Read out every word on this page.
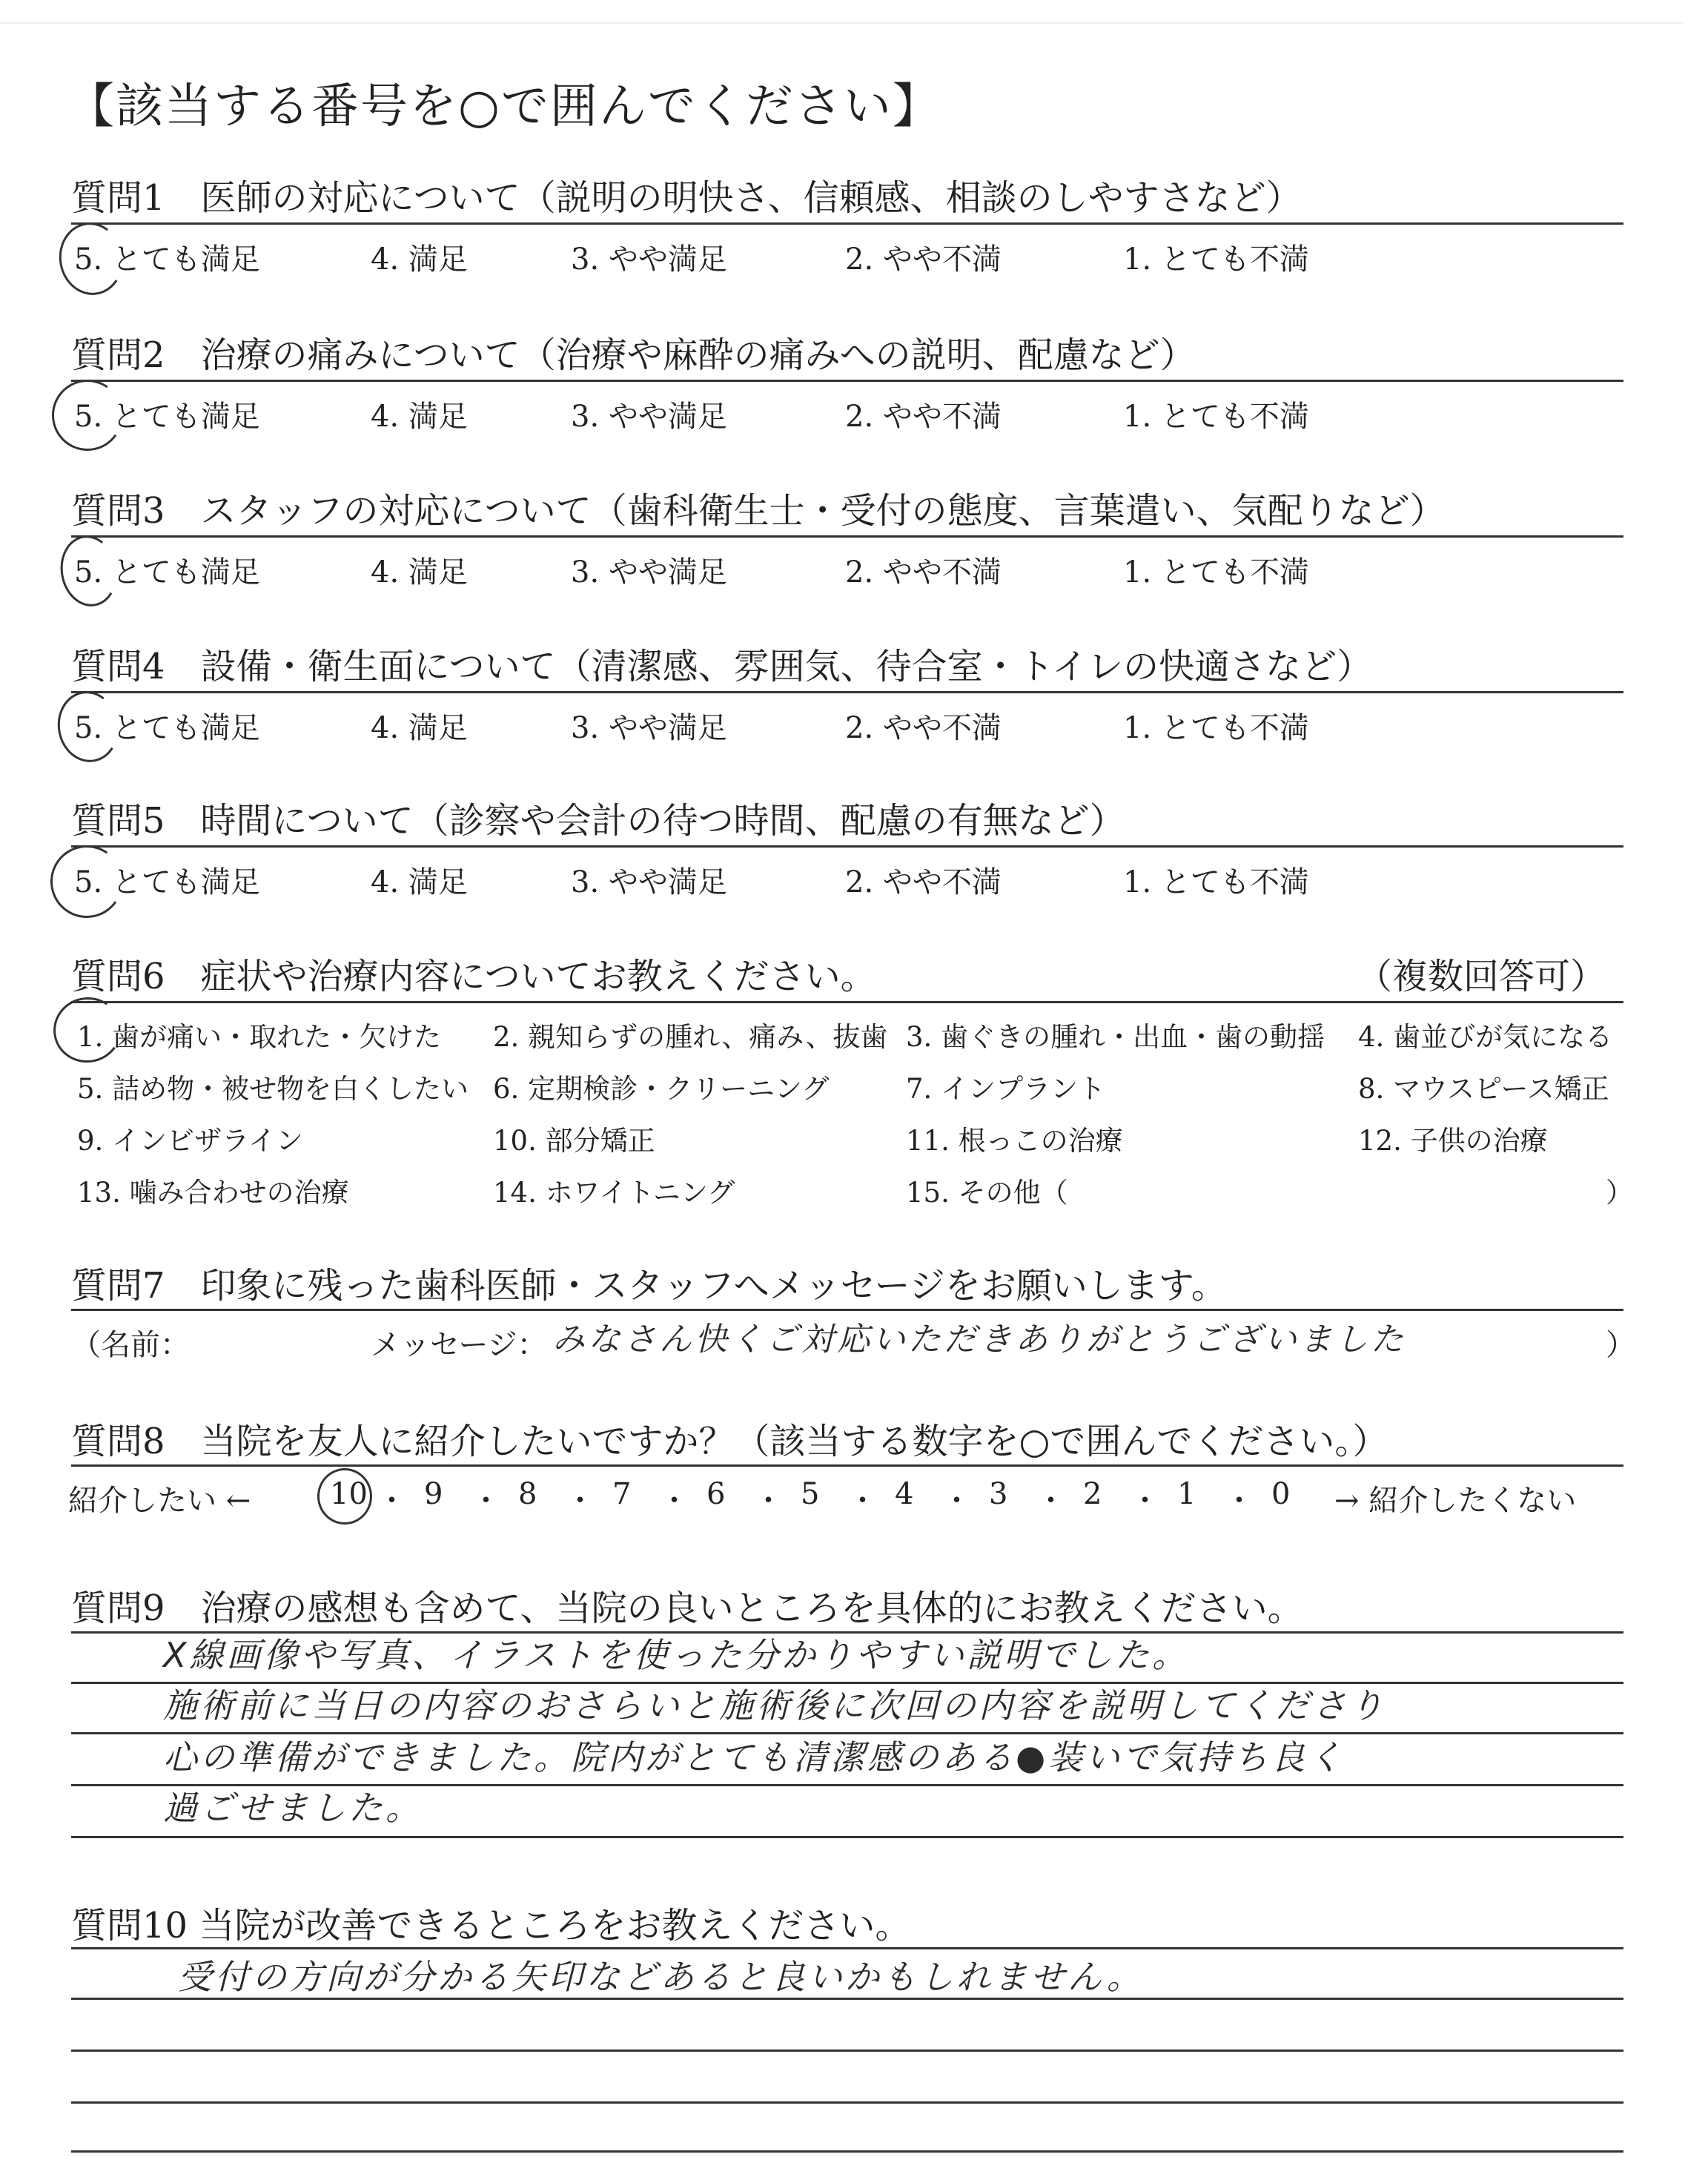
【該当する番号を○で囲んでください】
質問1　医師の対応について（説明の明快さ、信頼感、相談のしやすさなど）
5. とても満足	4. 満足	3. やや満足	2. やや不満	1. とても不満
質問2　治療の痛みについて（治療や麻酔の痛みへの説明、配慮など）
5. とても満足	4. 満足	3. やや満足	2. やや不満	1. とても不満
質問3　スタッフの対応について（歯科衛生士・受付の態度、言葉遣い、気配りなど）
5. とても満足	4. 満足	3. やや満足	2. やや不満	1. とても不満
質問4　設備・衛生面について（清潔感、雰囲気、待合室・トイレの快適さなど）
5. とても満足	4. 満足	3. やや満足	2. やや不満	1. とても不満
質問5　時間について（診察や会計の待つ時間、配慮の有無など）
5. とても満足	4. 満足	3. やや満足	2. やや不満	1. とても不満
質問6　症状や治療内容についてお教えください。	（複数回答可）
1. 歯が痛い・取れた・欠けた 2. 親知らずの腫れ、痛み、抜歯 3. 歯ぐきの腫れ・出血・歯の動揺 4. 歯並びが気になる
5. 詰め物・被せ物を白くしたい 6. 定期検診・クリーニング	7. インプラント	8. マウスピース矯正
9. インビザライン	10. 部分矯正	11. 根っこの治療	12. 子供の治療
13. 噛み合わせの治療	14. ホワイトニング	15. その他（	）
質問7　印象に残った歯科医師・スタッフへメッセージをお願いします。
（名前：	メッセージ： みなさん快くご対応いただきありがとうございました	）
質問8　当院を友人に紹介したいですか？（該当する数字を○で囲んでください。）
紹介したい ←	10 ・ 9 ・ 8 ・ 7 ・ 6 ・ 5 ・ 4 ・ 3 ・ 2 ・ 1 ・ 0 → 紹介したくない
質問9　治療の感想も含めて、当院の良いところを具体的にお教えください。
X線画像や写真、イラストを使った分かりやすい説明でした。
施術前に当日の内容のおさらいと施術後に次回の内容を説明してくださり
心の準備ができました。院内がとても清潔感のある●装いで気持ち良く
過ごせました。
質問10 当院が改善できるところをお教えください。
受付の方向が分かる矢印などあると良いかもしれません。
